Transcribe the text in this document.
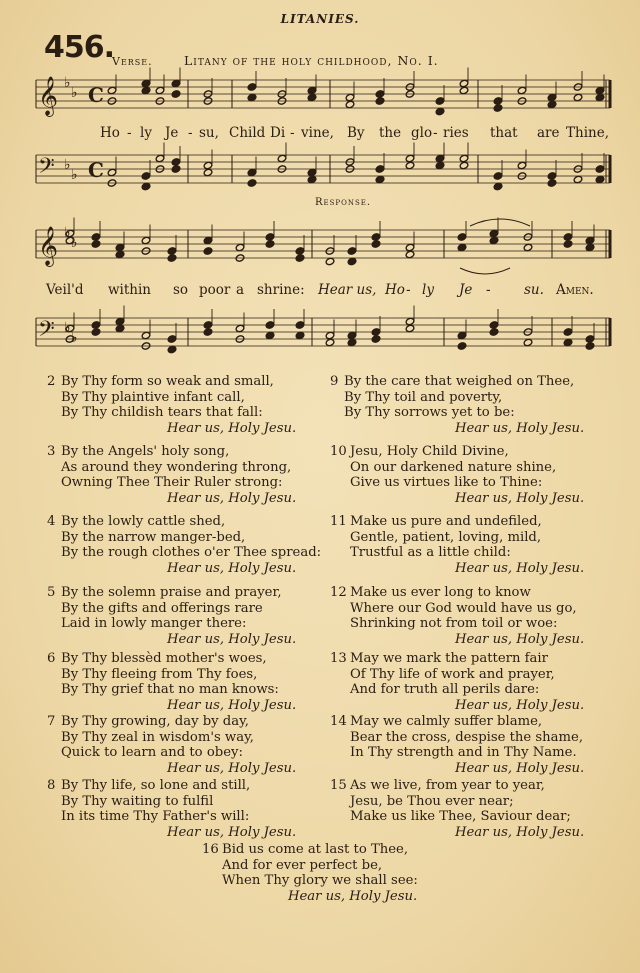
LITANIES.
456.
Verse.	Litany of the holy childhood, No. I.
𝄞 ♭
♭
𝄢 ♭
♭
C
C
𝄞 ♭
♭
𝄢 ♭
♭
Ho - ly Je - su, Child Di - vine, By the glo - ries that are Thine,
Response.
Veil'd within so poor a shrine: Hear us, Ho - ly Je - su. Amen.
2 By Thy form so weak and small,
By Thy plaintive infant call,
By Thy childish tears that fall:
Hear us, Holy Jesu.
3 By the Angels' holy song,
As around they wondering throng,
Owning Thee Their Ruler strong:
Hear us, Holy Jesu.
4 By the lowly cattle shed,
By the narrow manger-bed,
By the rough clothes o'er Thee spread:
Hear us, Holy Jesu.
5 By the solemn praise and prayer,
By the gifts and offerings rare
Laid in lowly manger there:
Hear us, Holy Jesu.
6 By Thy blessèd mother's woes,
By Thy fleeing from Thy foes,
By Thy grief that no man knows:
Hear us, Holy Jesu.
7 By Thy growing, day by day,
By Thy zeal in wisdom's way,
Quick to learn and to obey:
Hear us, Holy Jesu.
8 By Thy life, so lone and still,
By Thy waiting to fulfil
In its time Thy Father's will:
Hear us, Holy Jesu.
9 By the care that weighed on Thee,
By Thy toil and poverty,
By Thy sorrows yet to be:
Hear us, Holy Jesu.
10 Jesu, Holy Child Divine,
On our darkened nature shine,
Give us virtues like to Thine:
Hear us, Holy Jesu.
11 Make us pure and undefiled,
Gentle, patient, loving, mild,
Trustful as a little child:
Hear us, Holy Jesu.
12 Make us ever long to know
Where our God would have us go,
Shrinking not from toil or woe:
Hear us, Holy Jesu.
13 May we mark the pattern fair
Of Thy life of work and prayer,
And for truth all perils dare:
Hear us, Holy Jesu.
14 May we calmly suffer blame,
Bear the cross, despise the shame,
In Thy strength and in Thy Name.
Hear us, Holy Jesu.
15 As we live, from year to year,
Jesu, be Thou ever near;
Make us like Thee, Saviour dear;
Hear us, Holy Jesu.
16 Bid us come at last to Thee,
And for ever perfect be,
When Thy glory we shall see:
Hear us, Holy Jesu.
